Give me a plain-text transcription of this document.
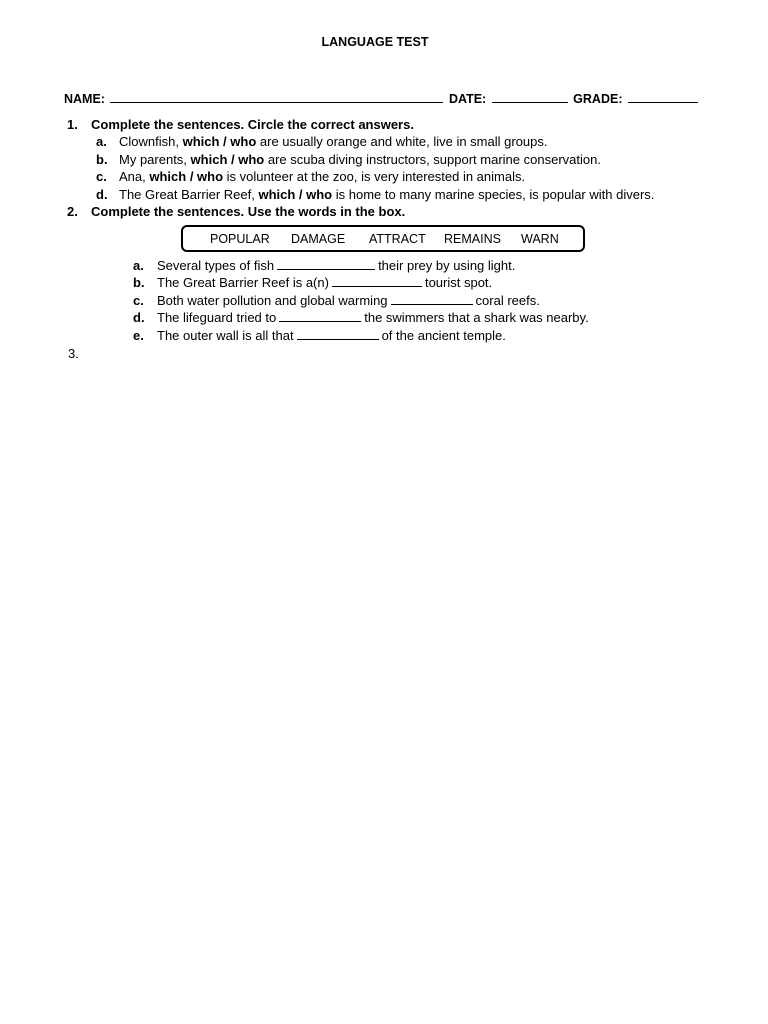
LANGUAGE TEST
NAME:	DATE:	GRADE:
1. Complete the sentences. Circle the correct answers.
a. Clownfish, which / who are usually orange and white, live in small groups.
b. My parents, which / who are scuba diving instructors, support marine conservation.
c. Ana, which / who is volunteer at the zoo, is very interested in animals.
d. The Great Barrier Reef, which / who is home to many marine species, is popular with divers.
2. Complete the sentences. Use the words in the box.
POPULAR DAMAGE ATTRACT REMAINS WARN
a. Several types of fish	their prey by using light.
b. The Great Barrier Reef is a(n)	tourist spot.
c. Both water pollution and global warming	coral reefs.
d. The lifeguard tried to	the swimmers that a shark was nearby.
e. The outer wall is all that	of the ancient temple.
3.
